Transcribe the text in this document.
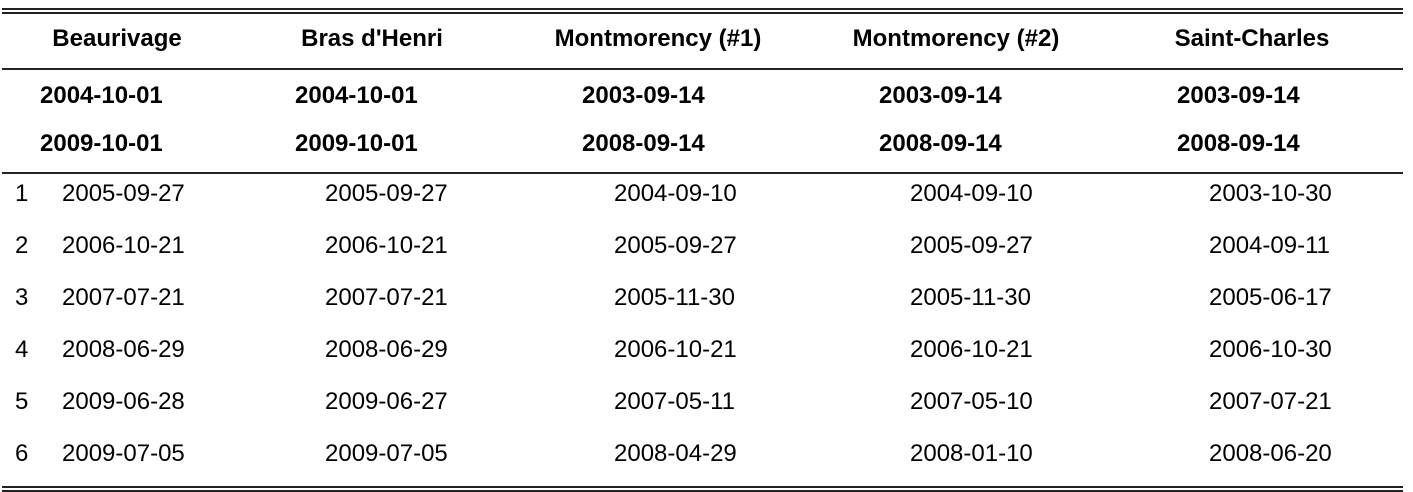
Beaurivage	Bras d'Henri	Montmorency (#1)	Montmorency (#2)	Saint-Charles
2004-10-01	2004-10-01	2003-09-14	2003-09-14	2003-09-14
2009-10-01	2009-10-01	2008-09-14	2008-09-14	2008-09-14
1 2005-09-27	2005-09-27	2004-09-10	2004-09-10	2003-10-30
2 2006-10-21	2006-10-21	2005-09-27	2005-09-27	2004-09-11
3 2007-07-21	2007-07-21	2005-11-30	2005-11-30	2005-06-17
4 2008-06-29	2008-06-29	2006-10-21	2006-10-21	2006-10-30
5 2009-06-28	2009-06-27	2007-05-11	2007-05-10	2007-07-21
6 2009-07-05	2009-07-05	2008-04-29	2008-01-10	2008-06-20
